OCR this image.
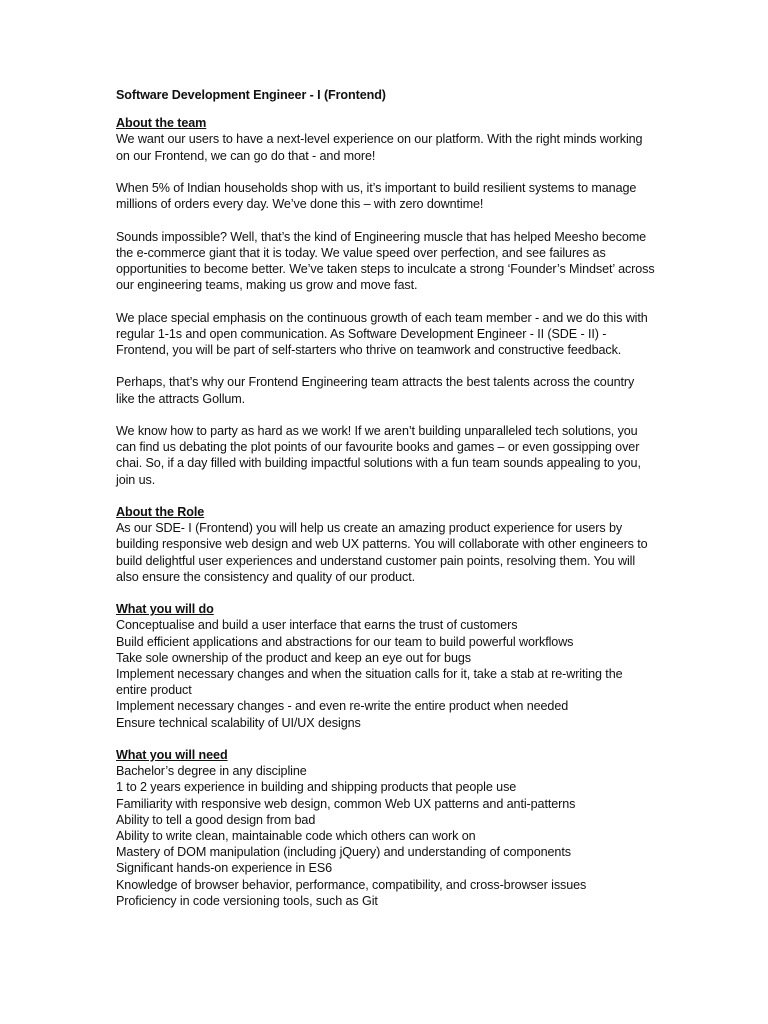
Software Development Engineer - I (Frontend)

About the team

We want our users to have a next-level experience on our platform. With the right minds working on our Frontend, we can go do that - and more!

When 5% of Indian households shop with us, it’s important to build resilient systems to manage millions of orders every day. We’ve done this – with zero downtime!

Sounds impossible? Well, that’s the kind of Engineering muscle that has helped Meesho become the e-commerce giant that it is today. We value speed over perfection, and see failures as opportunities to become better. We’ve taken steps to inculcate a strong ‘Founder’s Mindset’ across our engineering teams, making us grow and move fast.

We place special emphasis on the continuous growth of each team member - and we do this with regular 1-1s and open communication. As Software Development Engineer - II (SDE - II) - Frontend, you will be part of self-starters who thrive on teamwork and constructive feedback.

Perhaps, that’s why our Frontend Engineering team attracts the best talents across the country like the attracts Gollum.

We know how to party as hard as we work! If we aren’t building unparalleled tech solutions, you can find us debating the plot points of our favourite books and games – or even gossipping over chai. So, if a day filled with building impactful solutions with a fun team sounds appealing to you, join us.

About the Role

As our SDE- I (Frontend) you will help us create an amazing product experience for users by building responsive web design and web UX patterns. You will collaborate with other engineers to build delightful user experiences and understand customer pain points, resolving them. You will also ensure the consistency and quality of our product.

What you will do

Conceptualise and build a user interface that earns the trust of customers
Build efficient applications and abstractions for our team to build powerful workflows
Take sole ownership of the product and keep an eye out for bugs
Implement necessary changes and when the situation calls for it, take a stab at re-writing the entire product
Implement necessary changes - and even re-write the entire product when needed
Ensure technical scalability of UI/UX designs

What you will need

Bachelor’s degree in any discipline
1 to 2 years experience in building and shipping products that people use
Familiarity with responsive web design, common Web UX patterns and anti-patterns
Ability to tell a good design from bad
Ability to write clean, maintainable code which others can work on
Mastery of DOM manipulation (including jQuery) and understanding of components
Significant hands-on experience in ES6
Knowledge of browser behavior, performance, compatibility, and cross-browser issues
Proficiency in code versioning tools, such as Git
